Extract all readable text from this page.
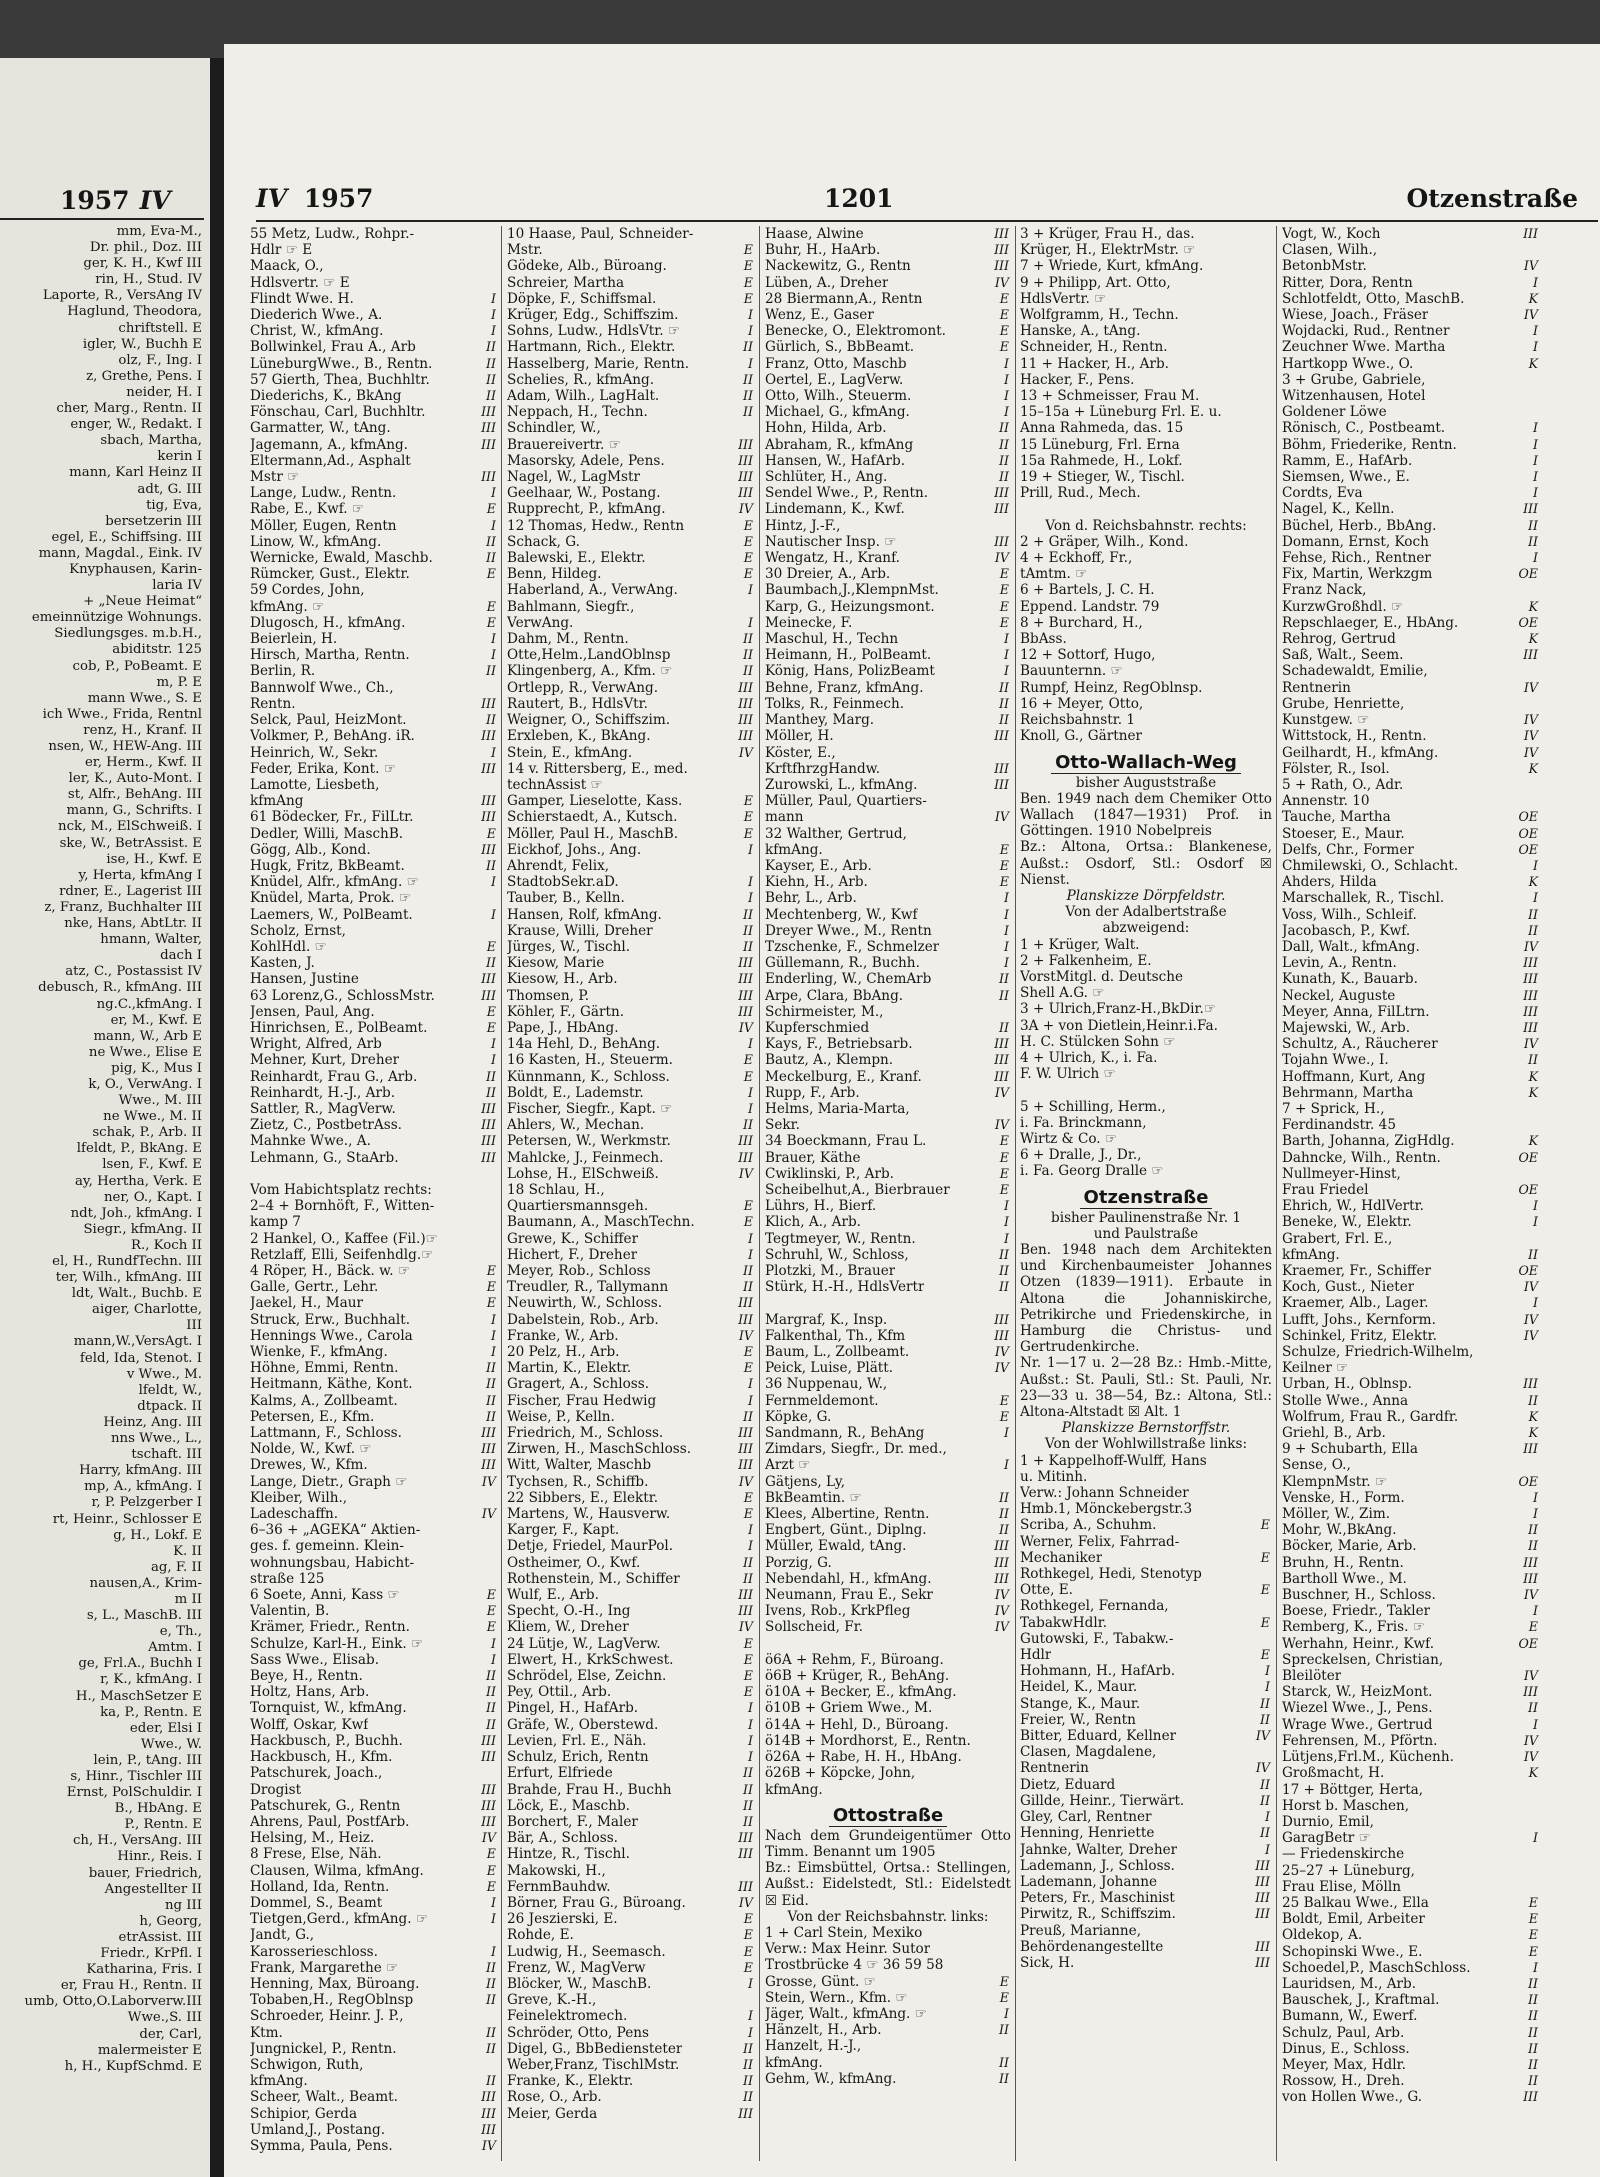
1957 IV
mm, Eva-M.,
Dr. phil., Doz. III
ger, K. H., Kwf III
rin, H., Stud. IV
Laporte, R., VersAng IV
Haglund, Theodora,
chriftstell. E
igler, W., Buchh E
olz, F., Ing. I
z, Grethe, Pens. I
neider, H. I
cher, Marg., Rentn. II
enger, W., Redakt. I
sbach, Martha,
kerin I
mann, Karl Heinz II
adt, G. III
tig, Eva,
bersetzerin III
egel, E., Schiffsing. III
mann, Magdal., Eink. IV
Knyphausen, Karin-
laria IV
+ „Neue Heimat“
emeinnützige Wohnungs.
Siedlungsges. m.b.H.,
abiditstr. 125
cob, P., PoBeamt. E
m, P. E
mann Wwe., S. E
ich Wwe., Frida, Rentnl
renz, H., Kranf. II
nsen, W., HEW-Ang. III
er, Herm., Kwf. II
ler, K., Auto-Mont. I
st, Alfr., BehAng. III
mann, G., Schrifts. I
nck, M., ElSchweiß. I
ske, W., BetrAssist. E
ise, H., Kwf. E
y, Herta, kfmAng I
rdner, E., Lagerist III
z, Franz, Buchhalter III
nke, Hans, AbtLtr. II
hmann, Walter,
dach I
atz, C., Postassist IV
debusch, R., kfmAng. III
ng.C.,kfmAng. I
er, M., Kwf. E
mann, W., Arb E
ne Wwe., Elise E
pig, K., Mus I
k, O., VerwAng. I
Wwe., M. III
ne Wwe., M. II
schak, P., Arb. II
lfeldt, P., BkAng. E
lsen, F., Kwf. E
ay, Hertha, Verk. E
ner, O., Kapt. I
ndt, Joh., kfmAng. I
Siegr., kfmAng. II
R., Koch II
el, H., RundfTechn. III
ter, Wilh., kfmAng. III
ldt, Walt., Buchb. E
aiger, Charlotte,
III
mann,W.,VersAgt. I
feld, Ida, Stenot. I
v Wwe., M.
lfeldt, W.,
dtpack. II
Heinz, Ang. III
nns Wwe., L.,
tschaft. III
Harry, kfmAng. III
mp, A., kfmAng. I
r, P. Pelzgerber I
rt, Heinr., Schlosser E
g, H., Lokf. E
K. II
ag, F. II
nausen,A., Krim-
m II
s, L., MaschB. III
e, Th.,
Amtm. I
ge, Frl.A., Buchh I
r, K., kfmAng. I
H., MaschSetzer E
ka, P., Rentn. E
eder, Elsi I
Wwe., W.
lein, P., tAng. III
s, Hinr., Tischler III
Ernst, PolSchuldir. I
B., HbAng. E
P., Rentn. E
ch, H., VersAng. III
Hinr., Reis. I
bauer, Friedrich,
Angestellter II
ng III
h, Georg,
etrAssist. III
Friedr., KrPfl. I
Katharina, Fris. I
er, Frau H., Rentn. II
umb, Otto,O.Laborverw.III
Wwe.,S. III
der, Carl,
malermeister E
h, H., KupfSchmd. E
IV 1957	1201	Otzenstraße
55 Metz, Ludw., Rohpr.-
Hdlr ☞ E
Maack, O.,
Hdlsvertr. ☞ E
Flindt Wwe. H.	I
Diederich Wwe., A.	I
Christ, W., kfmAng.	I
Bollwinkel, Frau A., Arb	II
LüneburgWwe., B., Rentn.	II
57 Gierth, Thea, Buchhltr.	II
Diederichs, K., BkAng	II
Fönschau, Carl, Buchhltr.	III
Garmatter, W., tAng.	III
Jagemann, A., kfmAng.	III
Eltermann,Ad., Asphalt
Mstr ☞	III
Lange, Ludw., Rentn.	I
Rabe, E., Kwf. ☞	E
Möller, Eugen, Rentn	I
Linow, W., kfmAng.	II
Wernicke, Ewald, Maschb.	II
Rümcker, Gust., Elektr.	E
59 Cordes, John,
kfmAng. ☞	E
Dlugosch, H., kfmAng.	E
Beierlein, H.	I
Hirsch, Martha, Rentn.	I
Berlin, R.	II
Bannwolf Wwe., Ch.,
Rentn.	III
Selck, Paul, HeizMont.	II
Volkmer, P., BehAng. iR.	III
Heinrich, W., Sekr.	I
Feder, Erika, Kont. ☞	III
Lamotte, Liesbeth,
kfmAng	III
61 Bödecker, Fr., FilLtr.	III
Dedler, Willi, MaschB.	E
Gögg, Alb., Kond.	III
Hugk, Fritz, BkBeamt.	II
Knüdel, Alfr., kfmAng. ☞	I
Knüdel, Marta, Prok. ☞
Laemers, W., PolBeamt.	I
Scholz, Ernst,
KohlHdl. ☞	E
Kasten, J.	II
Hansen, Justine	III
63 Lorenz,G., SchlossMstr.	III
Jensen, Paul, Ang.	E
Hinrichsen, E., PolBeamt.	E
Wright, Alfred, Arb	I
Mehner, Kurt, Dreher	I
Reinhardt, Frau G., Arb.	II
Reinhardt, H.-J., Arb.	II
Sattler, R., MagVerw.	III
Zietz, C., PostbetrAss.	III
Mahnke Wwe., A.	III
Lehmann, G., StaArb.	III

Vom Habichtsplatz rechts:
2–4 + Bornhöft, F., Witten-
kamp 7
2 Hankel, O., Kaffee (Fil.)☞
Retzlaff, Elli, Seifenhdlg.☞
4 Röper, H., Bäck. w. ☞	E
Galle, Gertr., Lehr.	E
Jaekel, H., Maur	E
Struck, Erw., Buchhalt.	I
Hennings Wwe., Carola	I
Wienke, F., kfmAng.	I
Höhne, Emmi, Rentn.	II
Heitmann, Käthe, Kont.	II
Kalms, A., Zollbeamt.	II
Petersen, E., Kfm.	II
Lattmann, F., Schloss.	III
Nolde, W., Kwf. ☞	III
Drewes, W., Kfm.	III
Lange, Dietr., Graph ☞	IV
Kleiber, Wilh.,
Ladeschaffn.	IV
6–36 + „AGEKA“ Aktien-
ges. f. gemeinn. Klein-
wohnungsbau, Habicht-
straße 125
6 Soete, Anni, Kass ☞	E
Valentin, B.	E
Krämer, Friedr., Rentn.	E
Schulze, Karl-H., Eink. ☞	I
Sass Wwe., Elisab.	I
Beye, H., Rentn.	II
Holtz, Hans, Arb.	II
Tornquist, W., kfmAng.	II
Wolff, Oskar, Kwf	II
Hackbusch, P., Buchh.	III
Hackbusch, H., Kfm.	III
Patschurek, Joach.,
Drogist	III
Patschurek, G., Rentn	III
Ahrens, Paul, PostfArb.	III
Helsing, M., Heiz.	IV
8 Frese, Else, Näh.	E
Clausen, Wilma, kfmAng.	E
Holland, Ida, Rentn.	E
Dommel, S., Beamt	I
Tietgen,Gerd., kfmAng. ☞	I
Jandt, G.,
Karosserieschloss.	I
Frank, Margarethe ☞	II
Henning, Max, Büroang.	II
Tobaben,H., RegOblnsp	II
Schroeder, Heinr. J. P.,
Ktm.	II
Jungnickel, P., Rentn.	II
Schwigon, Ruth,
kfmAng.	II
Scheer, Walt., Beamt.	III
Schipior, Gerda	III
Umland,J., Postang.	III
Symma, Paula, Pens.	IV
10 Haase, Paul, Schneider-
Mstr.	E
Gödeke, Alb., Büroang.	E
Schreier, Martha	E
Döpke, F., Schiffsmal.	E
Krüger, Edg., Schiffszim.	I
Sohns, Ludw., HdlsVtr. ☞	I
Hartmann, Rich., Elektr.	II
Hasselberg, Marie, Rentn.	I
Schelies, R., kfmAng.	II
Adam, Wilh., LagHalt.	II
Neppach, H., Techn.	II
Schindler, W.,
Brauereivertr. ☞	III
Masorsky, Adele, Pens.	III
Nagel, W., LagMstr	III
Geelhaar, W., Postang.	III
Rupprecht, P., kfmAng.	IV
12 Thomas, Hedw., Rentn	E
Schack, G.	E
Balewski, E., Elektr.	E
Benn, Hildeg.	E
Haberland, A., VerwAng.	I
Bahlmann, Siegfr.,
VerwAng.	I
Dahm, M., Rentn.	II
Otte,Helm.,LandOblnsp	II
Klingenberg, A., Kfm. ☞	II
Ortlepp, R., VerwAng.	III
Rautert, B., HdlsVtr.	III
Weigner, O., Schiffszim.	III
Erxleben, K., BkAng.	III
Stein, E., kfmAng.	IV
14 v. Rittersberg, E., med.
technAssist ☞
Gamper, Lieselotte, Kass.	E
Schierstaedt, A., Kutsch.	E
Möller, Paul H., MaschB.	E
Eickhof, Johs., Ang.	I
Ahrendt, Felix,
StadtobSekr.aD.	I
Tauber, B., Kelln.	I
Hansen, Rolf, kfmAng.	II
Krause, Willi, Dreher	II
Jürges, W., Tischl.	II
Kiesow, Marie	III
Kiesow, H., Arb.	III
Thomsen, P.	III
Köhler, F., Gärtn.	III
Pape, J., HbAng.	IV
14a Hehl, D., BehAng.	I
16 Kasten, H., Steuerm.	E
Künnmann, K., Schloss.	E
Boldt, E., Lademstr.	I
Fischer, Siegfr., Kapt. ☞	I
Ahlers, W., Mechan.	II
Petersen, W., Werkmstr.	III
Mahlcke, J., Feinmech.	III
Lohse, H., ElSchweiß.	IV
18 Schlau, H.,
Quartiersmannsgeh.	E
Baumann, A., MaschTechn.	E
Grewe, K., Schiffer	I
Hichert, F., Dreher	I
Meyer, Rob., Schloss	II
Treudler, R., Tallymann	II
Neuwirth, W., Schloss.	III
Dabelstein, Rob., Arb.	III
Franke, W., Arb.	IV
20 Pelz, H., Arb.	E
Martin, K., Elektr.	E
Gragert, A., Schloss.	I
Fischer, Frau Hedwig	I
Weise, P., Kelln.	II
Friedrich, M., Schloss.	III
Zirwen, H., MaschSchloss.	III
Witt, Walter, Maschb	III
Tychsen, R., Schiffb.	IV
22 Sibbers, E., Elektr.	E
Martens, W., Hausverw.	E
Karger, F., Kapt.	I
Detje, Friedel, MaurPol.	I
Ostheimer, O., Kwf.	II
Rothenstein, M., Schiffer	II
Wulf, E., Arb.	III
Specht, O.-H., Ing	III
Kliem, W., Dreher	IV
24 Lütje, W., LagVerw.	E
Elwert, H., KrkSchwest.	E
Schrödel, Else, Zeichn.	E
Pey, Ottil., Arb.	E
Pingel, H., HafArb.	I
Gräfe, W., Oberstewd.	I
Levien, Frl. E., Näh.	I
Schulz, Erich, Rentn	I
Erfurt, Elfriede	II
Brahde, Frau H., Buchh	II
Löck, E., Maschb.	II
Borchert, F., Maler	II
Bär, A., Schloss.	III
Hintze, R., Tischl.	III
Makowski, H.,
FernmBauhdw.	III
Börner, Frau G., Büroang.	IV
26 Jeszierski, E.	E
Rohde, E.	E
Ludwig, H., Seemasch.	E
Frenz, W., MagVerw	E
Blöcker, W., MaschB.	I
Greve, K.-H.,
Feinelektromech.	I
Schröder, Otto, Pens	I
Digel, G., BbBediensteter	II
Weber,Franz, TischlMstr.	II
Franke, K., Elektr.	II
Rose, O., Arb.	II
Meier, Gerda	III
Haase, Alwine	III
Buhr, H., HaArb.	III
Nackewitz, G., Rentn	III
Lüben, A., Dreher	IV
28 Biermann,A., Rentn	E
Wenz, E., Gaser	E
Benecke, O., Elektromont.	E
Gürlich, S., BbBeamt.	E
Franz, Otto, Maschb	I
Oertel, E., LagVerw.	I
Otto, Wilh., Steuerm.	I
Michael, G., kfmAng.	I
Hohn, Hilda, Arb.	II
Abraham, R., kfmAng	II
Hansen, W., HafArb.	II
Schlüter, H., Ang.	II
Sendel Wwe., P., Rentn.	III
Lindemann, K., Kwf.	III
Hintz, J.-F.,
Nautischer Insp. ☞	III
Wengatz, H., Kranf.	IV
30 Dreier, A., Arb.	E
Baumbach,J.,KlempnMst.	E
Karp, G., Heizungsmont.	E
Meinecke, F.	E
Maschul, H., Techn	I
Heimann, H., PolBeamt.	I
König, Hans, PolizBeamt	I
Behne, Franz, kfmAng.	II
Tolks, R., Feinmech.	II
Manthey, Marg.	II
Möller, H.	III
Köster, E.,
KrftfhrzgHandw.	III
Zurowski, L., kfmAng.	III
Müller, Paul, Quartiers-
mann	IV
32 Walther, Gertrud,
kfmAng.	E
Kayser, E., Arb.	E
Kiehn, H., Arb.	E
Behr, L., Arb.	I
Mechtenberg, W., Kwf	I
Dreyer Wwe., M., Rentn	I
Tzschenke, F., Schmelzer	I
Güllemann, R., Buchh.	I
Enderling, W., ChemArb	II
Arpe, Clara, BbAng.	II
Schirmeister, M.,
Kupferschmied	II
Kays, F., Betriebsarb.	III
Bautz, A., Klempn.	III
Meckelburg, E., Kranf.	III
Rupp, F., Arb.	IV
Helms, Maria-Marta,
Sekr.	IV
34 Boeckmann, Frau L.	E
Brauer, Käthe	E
Cwiklinski, P., Arb.	E
Scheibelhut,A., Bierbrauer	E
Lührs, H., Bierf.	I
Klich, A., Arb.	I
Tegtmeyer, W., Rentn.	I
Schruhl, W., Schloss,	II
Plotzki, M., Brauer	II
Stürk, H.-H., HdlsVertr	II

Margraf, K., Insp.	III
Falkenthal, Th., Kfm	III
Baum, L., Zollbeamt.	IV
Peick, Luise, Plätt.	IV
36 Nuppenau, W.,
Fernmeldemont.	E
Köpke, G.	E
Sandmann, R., BehAng	I
Zimdars, Siegfr., Dr. med.,
Arzt ☞	I
Gätjens, Ly,
BkBeamtin. ☞	II
Klees, Albertine, Rentn.	II
Engbert, Günt., Diplng.	II
Müller, Ewald, tAng.	III
Porzig, G.	III
Nebendahl, H., kfmAng.	III
Neumann, Frau E., Sekr	IV
Ivens, Rob., KrkPfleg	IV
Sollscheid, Fr.	IV

ö6A + Rehm, F., Büroang.
ö6B + Krüger, R., BehAng.
ö10A + Becker, E., kfmAng.
ö10B + Griem Wwe., M.
ö14A + Hehl, D., Büroang.
ö14B + Mordhorst, E., Rentn.
ö26A + Rabe, H. H., HbAng.
ö26B + Köpcke, John,
kfmAng.
Ottostraße
Nach dem Grundeigentümer Otto Timm. Benannt um 1905
Bz.: Eimsbüttel, Ortsa.: Stellingen, Außst.: Eidelstedt, Stl.: Eidelstedt ☒ Eid.
Von der Reichsbahnstr. links:
1 + Carl Stein, Mexiko
Verw.: Max Heinr. Sutor
Trostbrücke 4 ☞ 36 59 58
Grosse, Günt. ☞	E
Stein, Wern., Kfm. ☞	E
Jäger, Walt., kfmAng. ☞	I
Hänzelt, H., Arb.	II
Hanzelt, H.-J.,
kfmAng.	II
Gehm, W., kfmAng.	II
3 + Krüger, Frau H., das.
Krüger, H., ElektrMstr. ☞
7 + Wriede, Kurt, kfmAng.
9 + Philipp, Art. Otto,
HdlsVertr. ☞
Wolfgramm, H., Techn.
Hanske, A., tAng.
Schneider, H., Rentn.
11 + Hacker, H., Arb.
Hacker, F., Pens.
13 + Schmeisser, Frau M.
15–15a + Lüneburg Frl. E. u.
Anna Rahmeda, das. 15
15 Lüneburg, Frl. Erna
15a Rahmede, H., Lokf.
19 + Stieger, W., Tischl.
Prill, Rud., Mech.

Von d. Reichsbahnstr. rechts:
2 + Gräper, Wilh., Kond.
4 + Eckhoff, Fr.,
tAmtm. ☞
6 + Bartels, J. C. H.
Eppend. Landstr. 79
8 + Burchard, H.,
BbAss.
12 + Sottorf, Hugo,
Bauunternn. ☞
Rumpf, Heinz, RegOblnsp.
16 + Meyer, Otto,
Reichsbahnstr. 1
Knoll, G., Gärtner
Otto-Wallach-Weg
bisher Auguststraße
Ben. 1949 nach dem Chemiker Otto Wallach (1847—1931) Prof. in Göttingen. 1910 Nobelpreis
Bz.: Altona, Ortsa.: Blankenese, Außst.: Osdorf, Stl.: Osdorf ☒ Nienst.
Planskizze Dörpfeldstr.
Von der Adalbertstraße
abzweigend:
1 + Krüger, Walt.
2 + Falkenheim, E.
VorstMitgl. d. Deutsche
Shell A.G. ☞
3 + Ulrich,Franz-H.,BkDir.☞
3A + von Dietlein,Heinr.i.Fa.
H. C. Stülcken Sohn ☞
4 + Ulrich, K., i. Fa.
F. W. Ulrich ☞

5 + Schilling, Herm.,
i. Fa. Brinckmann,
Wirtz & Co. ☞
6 + Dralle, J., Dr.,
i. Fa. Georg Dralle ☞
Otzenstraße
bisher Paulinenstraße Nr. 1
und Paulstraße
Ben. 1948 nach dem Architekten und Kirchenbaumeister Johannes Otzen (1839—1911). Erbaute in Altona die Johanniskirche, Petrikirche und Friedenskirche, in Hamburg die Christus- und Gertrudenkirche.
Nr. 1—17 u. 2—28 Bz.: Hmb.-Mitte, Außst.: St. Pauli, Stl.: St. Pauli, Nr. 23—33 u. 38—54, Bz.: Altona, Stl.: Altona-Altstadt ☒ Alt. 1
Planskizze Bernstorffstr.
Von der Wohlwillstraße links:
1 + Kappelhoff-Wulff, Hans
u. Mitinh.
Verw.: Johann Schneider
Hmb.1, Mönckebergstr.3
Scriba, A., Schuhm.	E
Werner, Felix, Fahrrad-
Mechaniker	E
Rothkegel, Hedi, Stenotyp
Otte, E.	E
Rothkegel, Fernanda,
TabakwHdlr.	E
Gutowski, F., Tabakw.-
Hdlr	E
Hohmann, H., HafArb.	I
Heidel, K., Maur.	I
Stange, K., Maur.	II
Freier, W., Rentn	II
Bitter, Eduard, Kellner	IV
Clasen, Magdalene,
Rentnerin	IV
Dietz, Eduard	II
Gillde, Heinr., Tierwärt.	II
Gley, Carl, Rentner	I
Henning, Henriette	II
Jahnke, Walter, Dreher	I
Lademann, J., Schloss.	III
Lademann, Johanne	III
Peters, Fr., Maschinist	III
Pirwitz, R., Schiffszim.	III
Preuß, Marianne,
Behördenangestellte	III
Sick, H.	III
Vogt, W., Koch	III
Clasen, Wilh.,
BetonbMstr.	IV
Ritter, Dora, Rentn	I
Schlotfeldt, Otto, MaschB.	K
Wiese, Joach., Fräser	IV
Wojdacki, Rud., Rentner	I
Zeuchner Wwe. Martha	I
Hartkopp Wwe., O.	K
3 + Grube, Gabriele,
Witzenhausen, Hotel
Goldener Löwe
Rönisch, C., Postbeamt.	I
Böhm, Friederike, Rentn.	I
Ramm, E., HafArb.	I
Siemsen, Wwe., E.	I
Cordts, Eva	I
Nagel, K., Kelln.	III
Büchel, Herb., BbAng.	II
Domann, Ernst, Koch	II
Fehse, Rich., Rentner	I
Fix, Martin, Werkzgm	OE
Franz Nack,
KurzwGroßhdl. ☞	K
Repschlaeger, E., HbAng.	OE
Rehrog, Gertrud	K
Saß, Walt., Seem.	III
Schadewaldt, Emilie,
Rentnerin	IV
Grube, Henriette,
Kunstgew. ☞	IV
Wittstock, H., Rentn.	IV
Geilhardt, H., kfmAng.	IV
Fölster, R., Isol.	K
5 + Rath, O., Adr.
Annenstr. 10
Tauche, Martha	OE
Stoeser, E., Maur.	OE
Delfs, Chr., Former	OE
Chmilewski, O., Schlacht.	I
Ahders, Hilda	K
Marschallek, R., Tischl.	I
Voss, Wilh., Schleif.	II
Jacobasch, P., Kwf.	II
Dall, Walt., kfmAng.	IV
Levin, A., Rentn.	III
Kunath, K., Bauarb.	III
Neckel, Auguste	III
Meyer, Anna, FilLtrn.	III
Majewski, W., Arb.	III
Schultz, A., Räucherer	IV
Tojahn Wwe., I.	II
Hoffmann, Kurt, Ang	K
Behrmann, Martha	K
7 + Sprick, H.,
Ferdinandstr. 45
Barth, Johanna, ZigHdlg.	K
Dahncke, Wilh., Rentn.	OE
Nullmeyer-Hinst,
Frau Friedel	OE
Ehrich, W., HdlVertr.	I
Beneke, W., Elektr.	I
Grabert, Frl. E.,
kfmAng.	II
Kraemer, Fr., Schiffer	OE
Koch, Gust., Nieter	IV
Kraemer, Alb., Lager.	I
Lufft, Johs., Kernform.	IV
Schinkel, Fritz, Elektr.	IV
Schulze, Friedrich-Wilhelm,
Keilner ☞
Urban, H., Oblnsp.	III
Stolle Wwe., Anna	II
Wolfrum, Frau R., Gardfr.	K
Griehl, B., Arb.	K
9 + Schubarth, Ella	III
Sense, O.,
KlempnMstr. ☞	OE
Venske, H., Form.	I
Möller, W., Zim.	I
Mohr, W.,BkAng.	II
Böcker, Marie, Arb.	II
Bruhn, H., Rentn.	III
Bartholl Wwe., M.	III
Buschner, H., Schloss.	IV
Boese, Friedr., Takler	I
Remberg, K., Fris. ☞	E
Werhahn, Heinr., Kwf.	OE
Spreckelsen, Christian,
Bleilöter	IV
Starck, W., HeizMont.	III
Wiezel Wwe., J., Pens.	II
Wrage Wwe., Gertrud	I
Fehrensen, M., Pförtn.	IV
Lütjens,Frl.M., Küchenh.	IV
Großmacht, H.	K
17 + Böttger, Herta,
Horst b. Maschen,
Durnio, Emil,
GaragBetr ☞	I
— Friedenskirche
25–27 + Lüneburg,
Frau Elise, Mölln
25 Balkau Wwe., Ella	E
Boldt, Emil, Arbeiter	E
Oldekop, A.	E
Schopinski Wwe., E.	E
Schoedel,P., MaschSchloss.	I
Lauridsen, M., Arb.	II
Bauschek, J., Kraftmal.	II
Bumann, W., Ewerf.	II
Schulz, Paul, Arb.	II
Dinus, E., Schloss.	II
Meyer, Max, Hdlr.	II
Rossow, H., Dreh.	II
von Hollen Wwe., G.	III
